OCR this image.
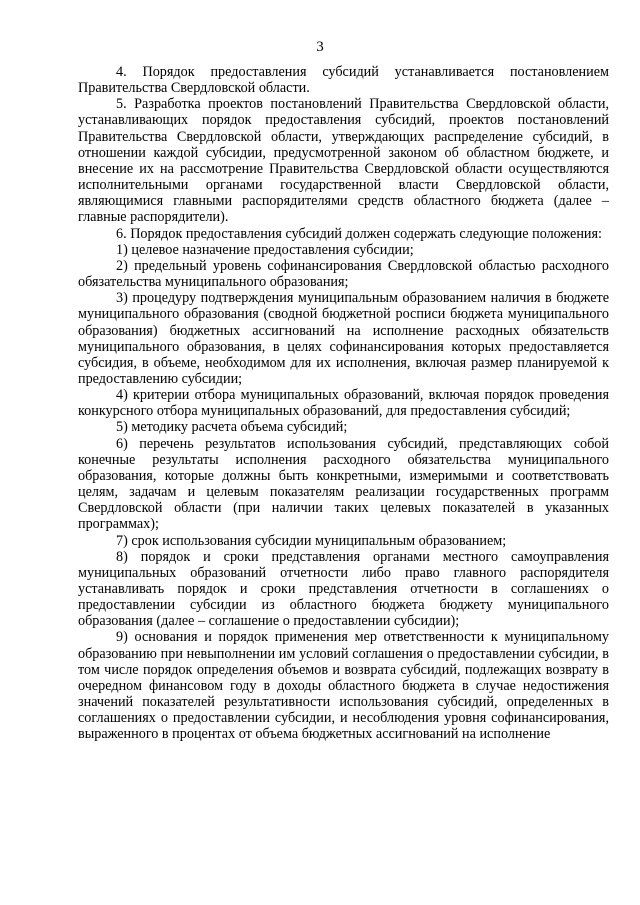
3

4. Порядок предоставления субсидий устанавливается постановлением Правительства Свердловской области.

5. Разработка проектов постановлений Правительства Свердловской области, устанавливающих порядок предоставления субсидий, проектов постановлений Правительства Свердловской области, утверждающих распределение субсидий, в отношении каждой субсидии, предусмотренной законом об областном бюджете, и внесение их на рассмотрение Правительства Свердловской области осуществляются исполнительными органами государственной власти Свердловской области, являющимися главными распорядителями средств областного бюджета (далее – главные распорядители).

6. Порядок предоставления субсидий должен содержать следующие положения:

1) целевое назначение предоставления субсидии;

2) предельный уровень софинансирования Свердловской областью расходного обязательства муниципального образования;

3) процедуру подтверждения муниципальным образованием наличия в бюджете муниципального образования (сводной бюджетной росписи бюджета муниципального образования) бюджетных ассигнований на исполнение расходных обязательств муниципального образования, в целях софинансирования которых предоставляется субсидия, в объеме, необходимом для их исполнения, включая размер планируемой к предоставлению субсидии;

4) критерии отбора муниципальных образований, включая порядок проведения конкурсного отбора муниципальных образований, для предоставления субсидий;

5) методику расчета объема субсидий;

6) перечень результатов использования субсидий, представляющих собой конечные результаты исполнения расходного обязательства муниципального образования, которые должны быть конкретными, измеримыми и соответствовать целям, задачам и целевым показателям реализации государственных программ Свердловской области (при наличии таких целевых показателей в указанных программах);

7) срок использования субсидии муниципальным образованием;

8) порядок и сроки представления органами местного самоуправления муниципальных образований отчетности либо право главного распорядителя устанавливать порядок и сроки представления отчетности в соглашениях о предоставлении субсидии из областного бюджета бюджету муниципального образования (далее – соглашение о предоставлении субсидии);

9) основания и порядок применения мер ответственности к муниципальному образованию при невыполнении им условий соглашения о предоставлении субсидии, в том числе порядок определения объемов и возврата субсидий, подлежащих возврату в очередном финансовом году в доходы областного бюджета в случае недостижения значений показателей результативности использования субсидий, определенных в соглашениях о предоставлении субсидии, и несоблюдения уровня софинансирования, выраженного в процентах от объема бюджетных ассигнований на исполнение
